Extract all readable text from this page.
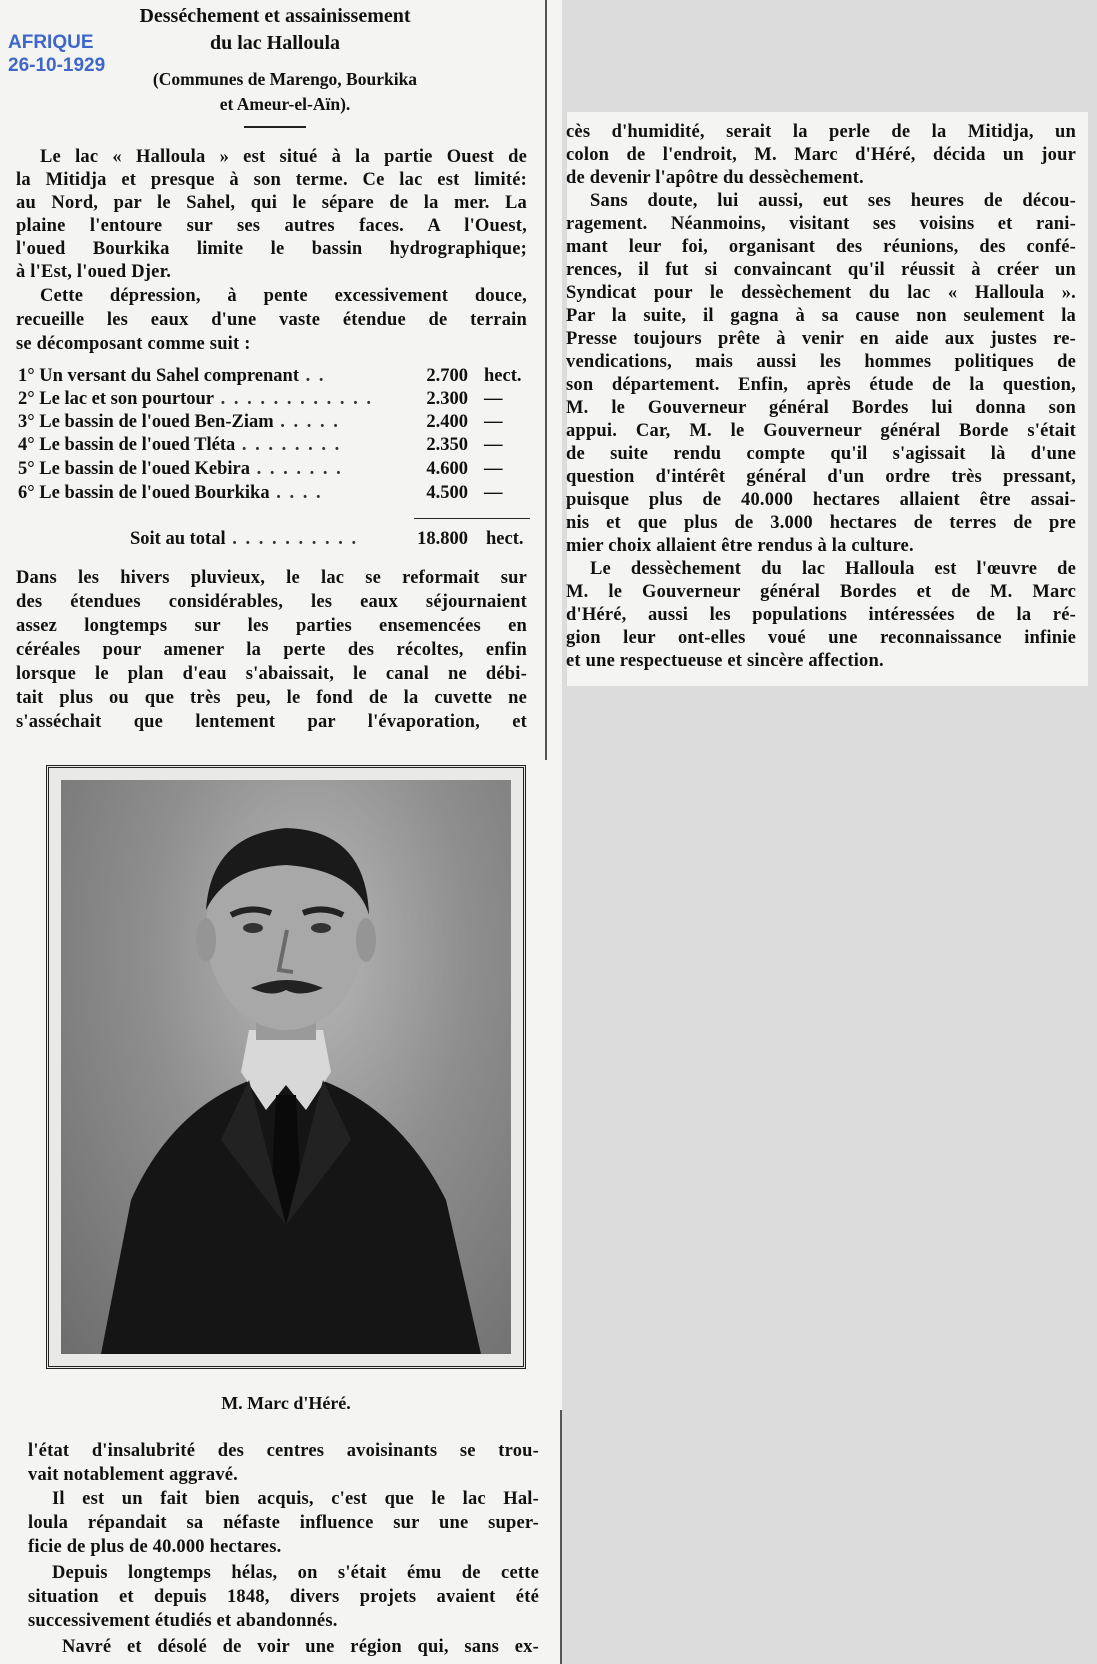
AFRIQUE
26-10-1929
Desséchement et assainissement
du lac Halloula
(Communes de Marengo, Bourkika
et Ameur-el-Aïn).
Le lac « Halloula » est situé à la partie Ouest de
la Mitidja et presque à son terme. Ce lac est limité:
au Nord, par le Sahel, qui le sépare de la mer. La
plaine l'entoure sur ses autres faces. A l'Ouest,
l'oued Bourkika limite le bassin hydrographique;
à l'Est, l'oued Djer.
Cette dépression, à pente excessivement douce,
recueille les eaux d'une vaste étendue de terrain
se décomposant comme suit :
1° Un versant du Sahel comprenant . .	2.700 hect.
2° Le lac et son pourtour . . . . . . . . . . . .	2.300 —
3° Le bassin de l'oued Ben-Ziam . . . . .	2.400 —
4° Le bassin de l'oued Tléta . . . . . . . .	2.350 —
5° Le bassin de l'oued Kebira . . . . . . .	4.600 —
6° Le bassin de l'oued Bourkika . . . .	4.500 —
Soit au total . . . . . . . . . .	18.800 hect.
Dans les hivers pluvieux, le lac se reformait sur
des étendues considérables, les eaux séjournaient
assez longtemps sur les parties ensemencées en
céréales pour amener la perte des récoltes, enfin
lorsque le plan d'eau s'abaissait, le canal ne débi-
tait plus ou que très peu, le fond de la cuvette ne
s'asséchait que lentement par l'évaporation, et
M. Marc d'Héré.
l'état d'insalubrité des centres avoisinants se trou-
vait notablement aggravé.
Il est un fait bien acquis, c'est que le lac Hal-
loula répandait sa néfaste influence sur une super-
ficie de plus de 40.000 hectares.
Depuis longtemps hélas, on s'était ému de cette
situation et depuis 1848, divers projets avaient été
successivement étudiés et abandonnés.
Navré et désolé de voir une région qui, sans ex-
cès d'humidité, serait la perle de la Mitidja, un
colon de l'endroit, M. Marc d'Héré, décida un jour
de devenir l'apôtre du dessèchement.
Sans doute, lui aussi, eut ses heures de décou-
ragement. Néanmoins, visitant ses voisins et rani-
mant leur foi, organisant des réunions, des confé-
rences, il fut si convaincant qu'il réussit à créer un
Syndicat pour le dessèchement du lac « Halloula ».
Par la suite, il gagna à sa cause non seulement la
Presse toujours prête à venir en aide aux justes re-
vendications, mais aussi les hommes politiques de
son département. Enfin, après étude de la question,
M. le Gouverneur général Bordes lui donna son
appui. Car, M. le Gouverneur général Borde s'était
de suite rendu compte qu'il s'agissait là d'une
question d'intérêt général d'un ordre très pressant,
puisque plus de 40.000 hectares allaient être assai-
nis et que plus de 3.000 hectares de terres de pre
mier choix allaient être rendus à la culture.
Le dessèchement du lac Halloula est l'œuvre de
M. le Gouverneur général Bordes et de M. Marc
d'Héré, aussi les populations intéressées de la ré-
gion leur ont-elles voué une reconnaissance infinie
et une respectueuse et sincère affection.
